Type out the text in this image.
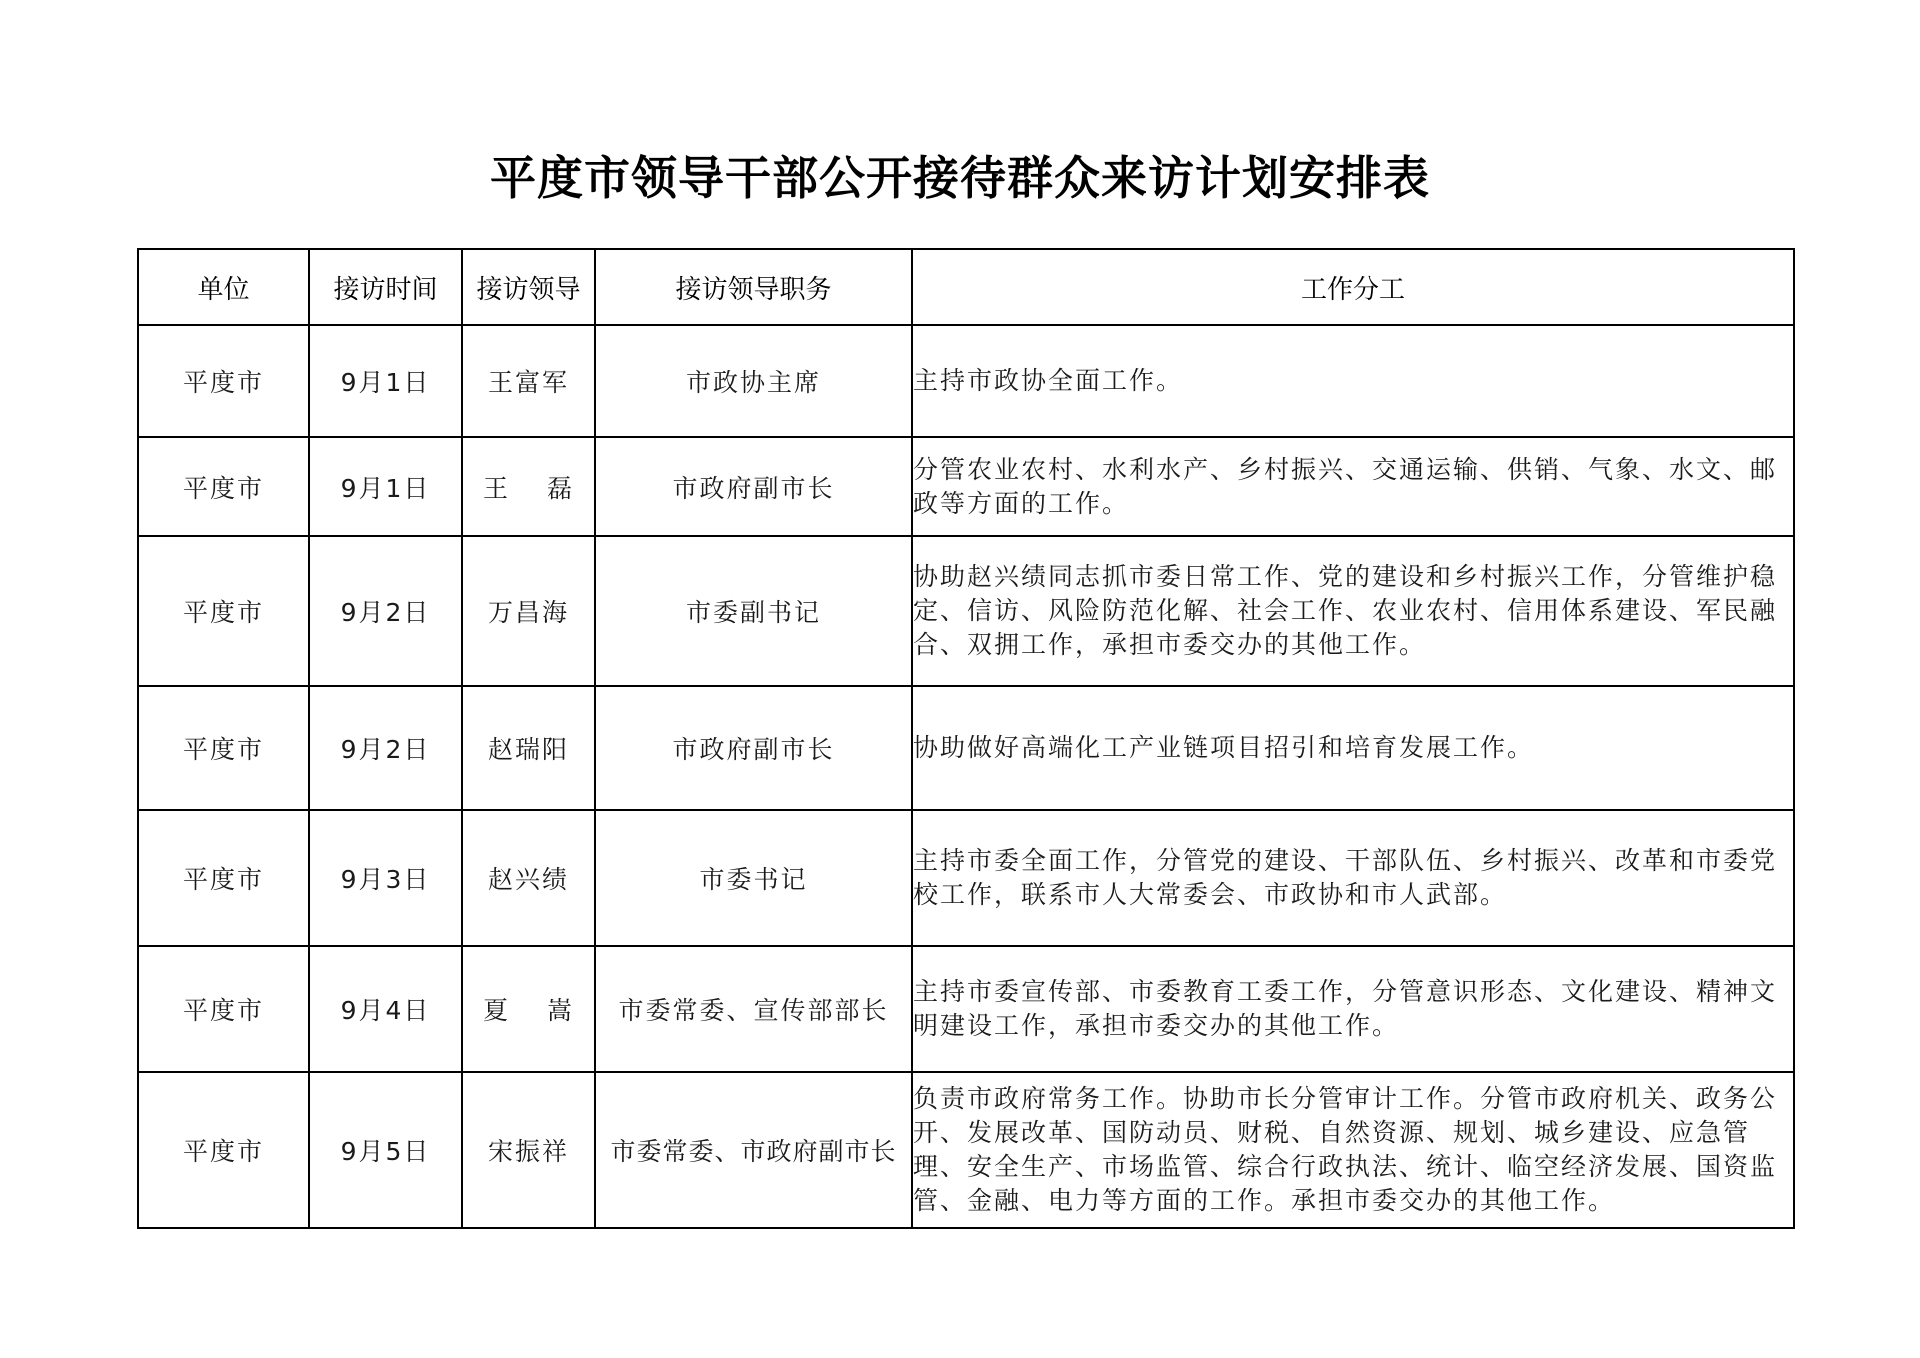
平度市领导干部公开接待群众来访计划安排表
单位	接访时间	接访领导	接访领导职务	工作分工
平度市	9月1日	王富军	市政协主席	主持市政协全面工作。
平度市	9月1日	王　 磊	市政府副市长	分管农业农村、水利水产、乡村振兴、交通运输、供销、气象、水文、邮政等方面的工作。
平度市	9月2日	万昌海	市委副书记	协助赵兴绩同志抓市委日常工作、党的建设和乡村振兴工作，分管维护稳定、信访、风险防范化解、社会工作、农业农村、信用体系建设、军民融合、双拥工作，承担市委交办的其他工作。
平度市	9月2日	赵瑞阳	市政府副市长	协助做好高端化工产业链项目招引和培育发展工作。
平度市	9月3日	赵兴绩	市委书记	主持市委全面工作，分管党的建设、干部队伍、乡村振兴、改革和市委党校工作，联系市人大常委会、市政协和市人武部。
平度市	9月4日	夏　 嵩	市委常委、宣传部部长	主持市委宣传部、市委教育工委工作，分管意识形态、文化建设、精神文明建设工作，承担市委交办的其他工作。
平度市	9月5日	宋振祥	市委常委、市政府副市长	负责市政府常务工作。协助市长分管审计工作。分管市政府机关、政务公开、发展改革、国防动员、财税、自然资源、规划、城乡建设、应急管理、安全生产、市场监管、综合行政执法、统计、临空经济发展、国资监管、金融、电力等方面的工作。承担市委交办的其他工作。
